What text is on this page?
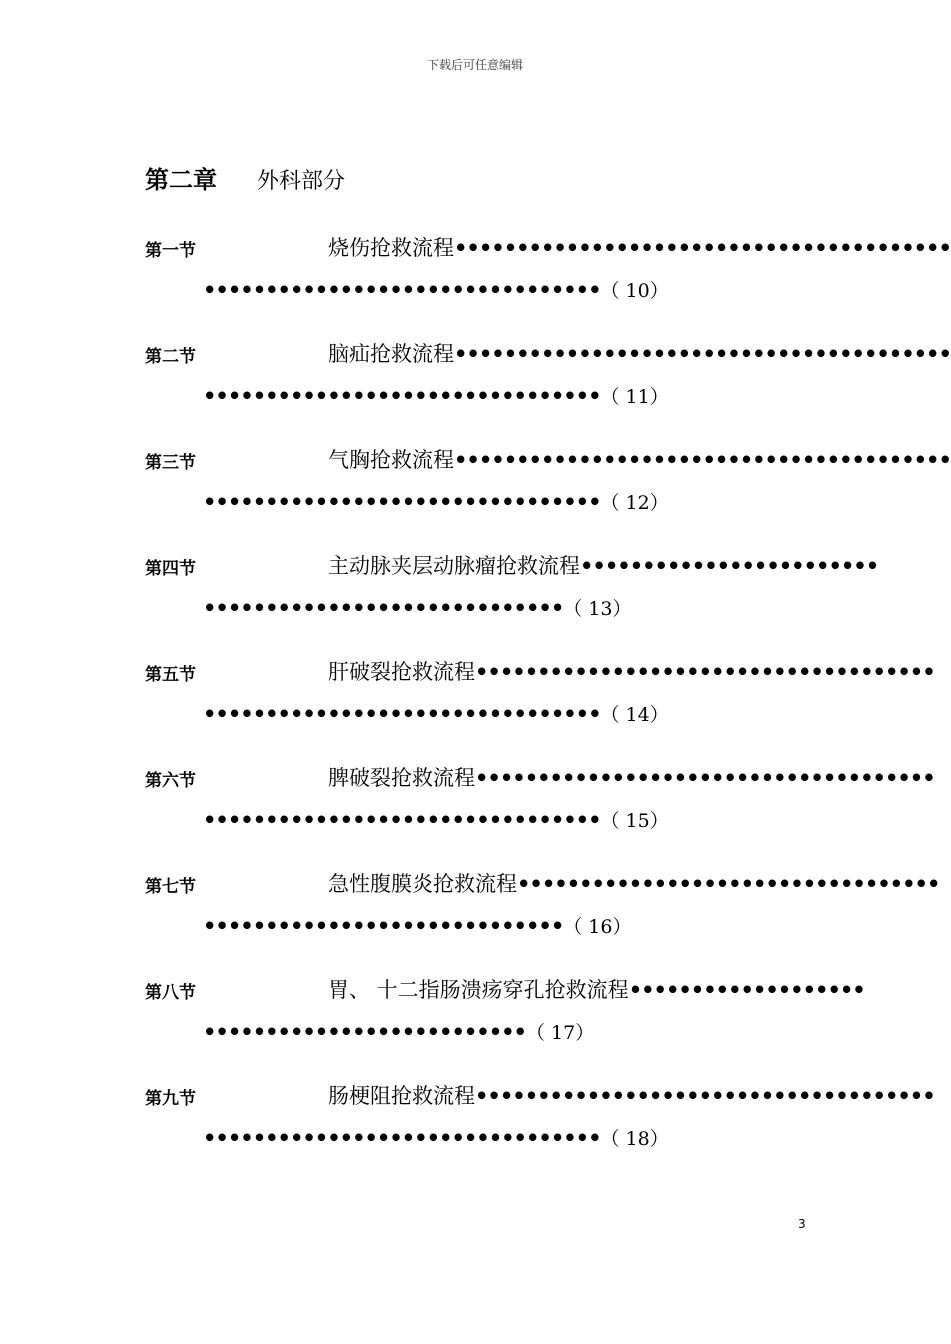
下载后可任意编辑
第二章 外科部分
第一节	烧伤抢救流程••••••••••••••••••••••••••••••••••••••••
••••••••••••••••••••••••••••••••（ 10）
第二节	脑疝抢救流程••••••••••••••••••••••••••••••••••••••••
••••••••••••••••••••••••••••••••（ 11）
第三节	气胸抢救流程••••••••••••••••••••••••••••••••••••••••
••••••••••••••••••••••••••••••••（ 12）
第四节	主动脉夹层动脉瘤抢救流程••••••••••••••••••••••••
•••••••••••••••••••••••••••••（ 13）
第五节	肝破裂抢救流程•••••••••••••••••••••••••••••••••••••
••••••••••••••••••••••••••••••••（ 14）
第六节	脾破裂抢救流程•••••••••••••••••••••••••••••••••••••
••••••••••••••••••••••••••••••••（ 15）
第七节	急性腹膜炎抢救流程••••••••••••••••••••••••••••••••••
•••••••••••••••••••••••••••••（ 16）
第八节	胃、 十二指肠溃疡穿孔抢救流程•••••••••••••••••••
••••••••••••••••••••••••••（ 17）
第九节	肠梗阻抢救流程•••••••••••••••••••••••••••••••••••••
••••••••••••••••••••••••••••••••（ 18）
3
